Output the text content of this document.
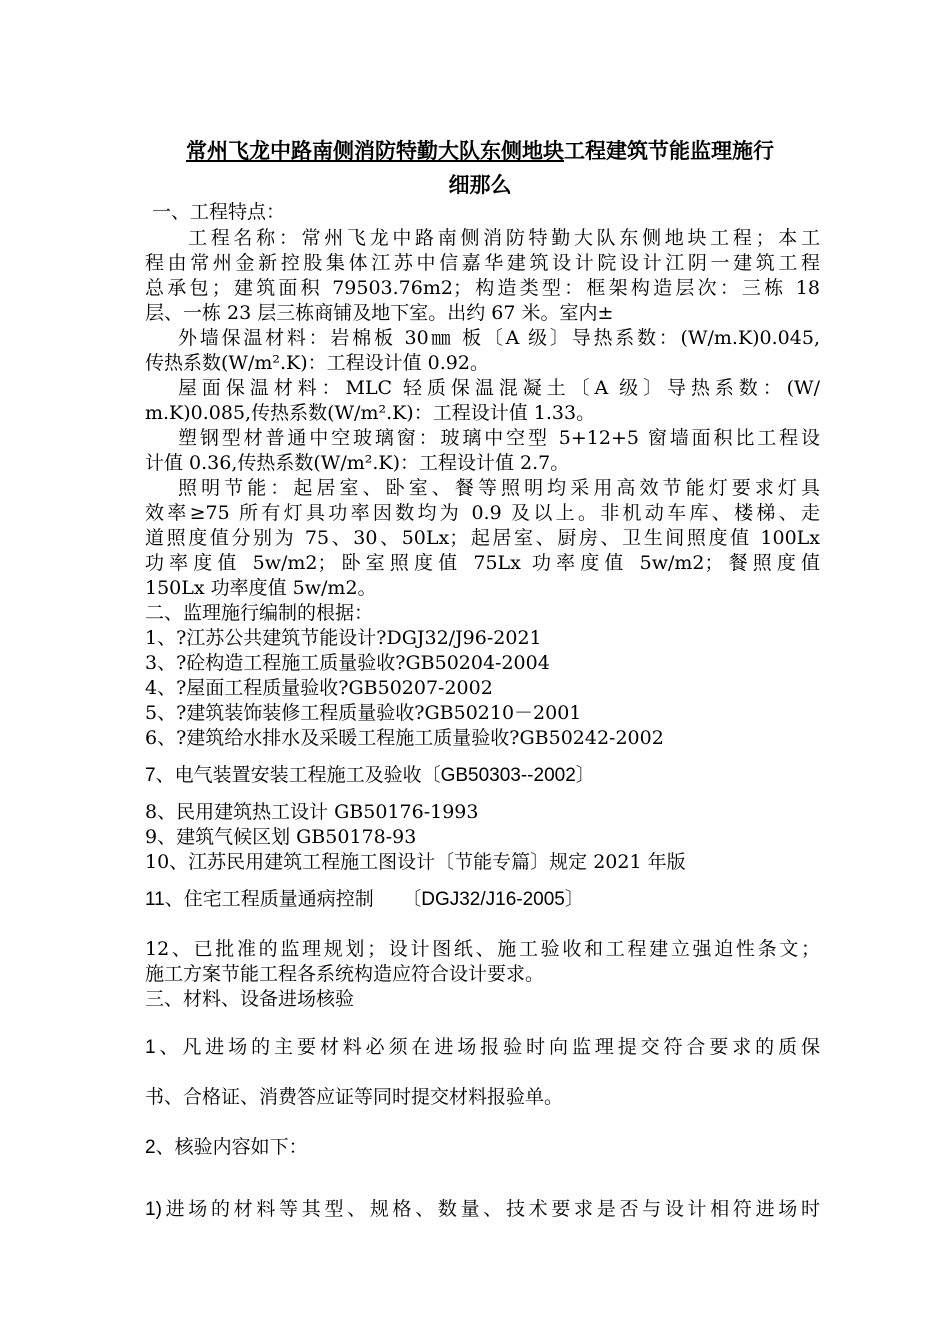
常州飞龙中路南侧消防特勤大队东侧地块工程建筑节能监理施行
细那么
一、工程特点：
工程名称：常州飞龙中路南侧消防特勤大队东侧地块工程；本工
程由常州金新控股集体江苏中信嘉华建筑设计院设计江阴一建筑工程
总承包；建筑面积 79503.76m2；构造类型：框架构造层次：三栋 18
层、一栋 23 层三栋商铺及地下室。出约 67 米。室内±
外墙保温材料：岩棉板 30㎜ 板〔A 级〕导热系数：(W/m.K)0.045,
传热系数(W/m².K)：工程设计值 0.92。
屋面保温材料：MLC 轻质保温混凝土〔A 级〕导热系数：(W/
m.K)0.085,传热系数(W/m².K)：工程设计值 1.33。
塑钢型材普通中空玻璃窗：玻璃中空型 5+12+5 窗墙面积比工程设
计值 0.36,传热系数(W/m².K)：工程设计值 2.7。
照明节能：起居室、卧室、餐等照明均采用高效节能灯要求灯具
效率≥75 所有灯具功率因数均为 0.9 及以上。非机动车库、楼梯、走
道照度值分别为 75、30、50Lx；起居室、厨房、卫生间照度值 100Lx
功率度值 5w/m2；卧室照度值 75Lx 功率度值 5w/m2；餐照度值
150Lx 功率度值 5w/m2。
二、监理施行编制的根据：
1、?江苏公共建筑节能设计?DGJ32/J96-2021
3、?砼构造工程施工质量验收?GB50204-2004
4、?屋面工程质量验收?GB50207-2002
5、?建筑装饰装修工程质量验收?GB50210－2001
6、?建筑给水排水及采暖工程施工质量验收?GB50242-2002
7、电气装置安装工程施工及验收〔GB50303--2002〕
8、民用建筑热工设计 GB50176-1993
9、建筑气候区划 GB50178-93
10、江苏民用建筑工程施工图设计〔节能专篇〕规定 2021 年版
11、住宅工程质量通病控制　　〔DGJ32/J16-2005〕
12、已批准的监理规划；设计图纸、施工验收和工程建立强迫性条文；
施工方案节能工程各系统构造应符合设计要求。
三、材料、设备进场核验
1、凡进场的主要材料必须在进场报验时向监理提交符合要求的质保
书、合格证、消费答应证等同时提交材料报验单。
2、核验内容如下：
1)进场的材料等其型、规格、数量、技术要求是否与设计相符进场时
